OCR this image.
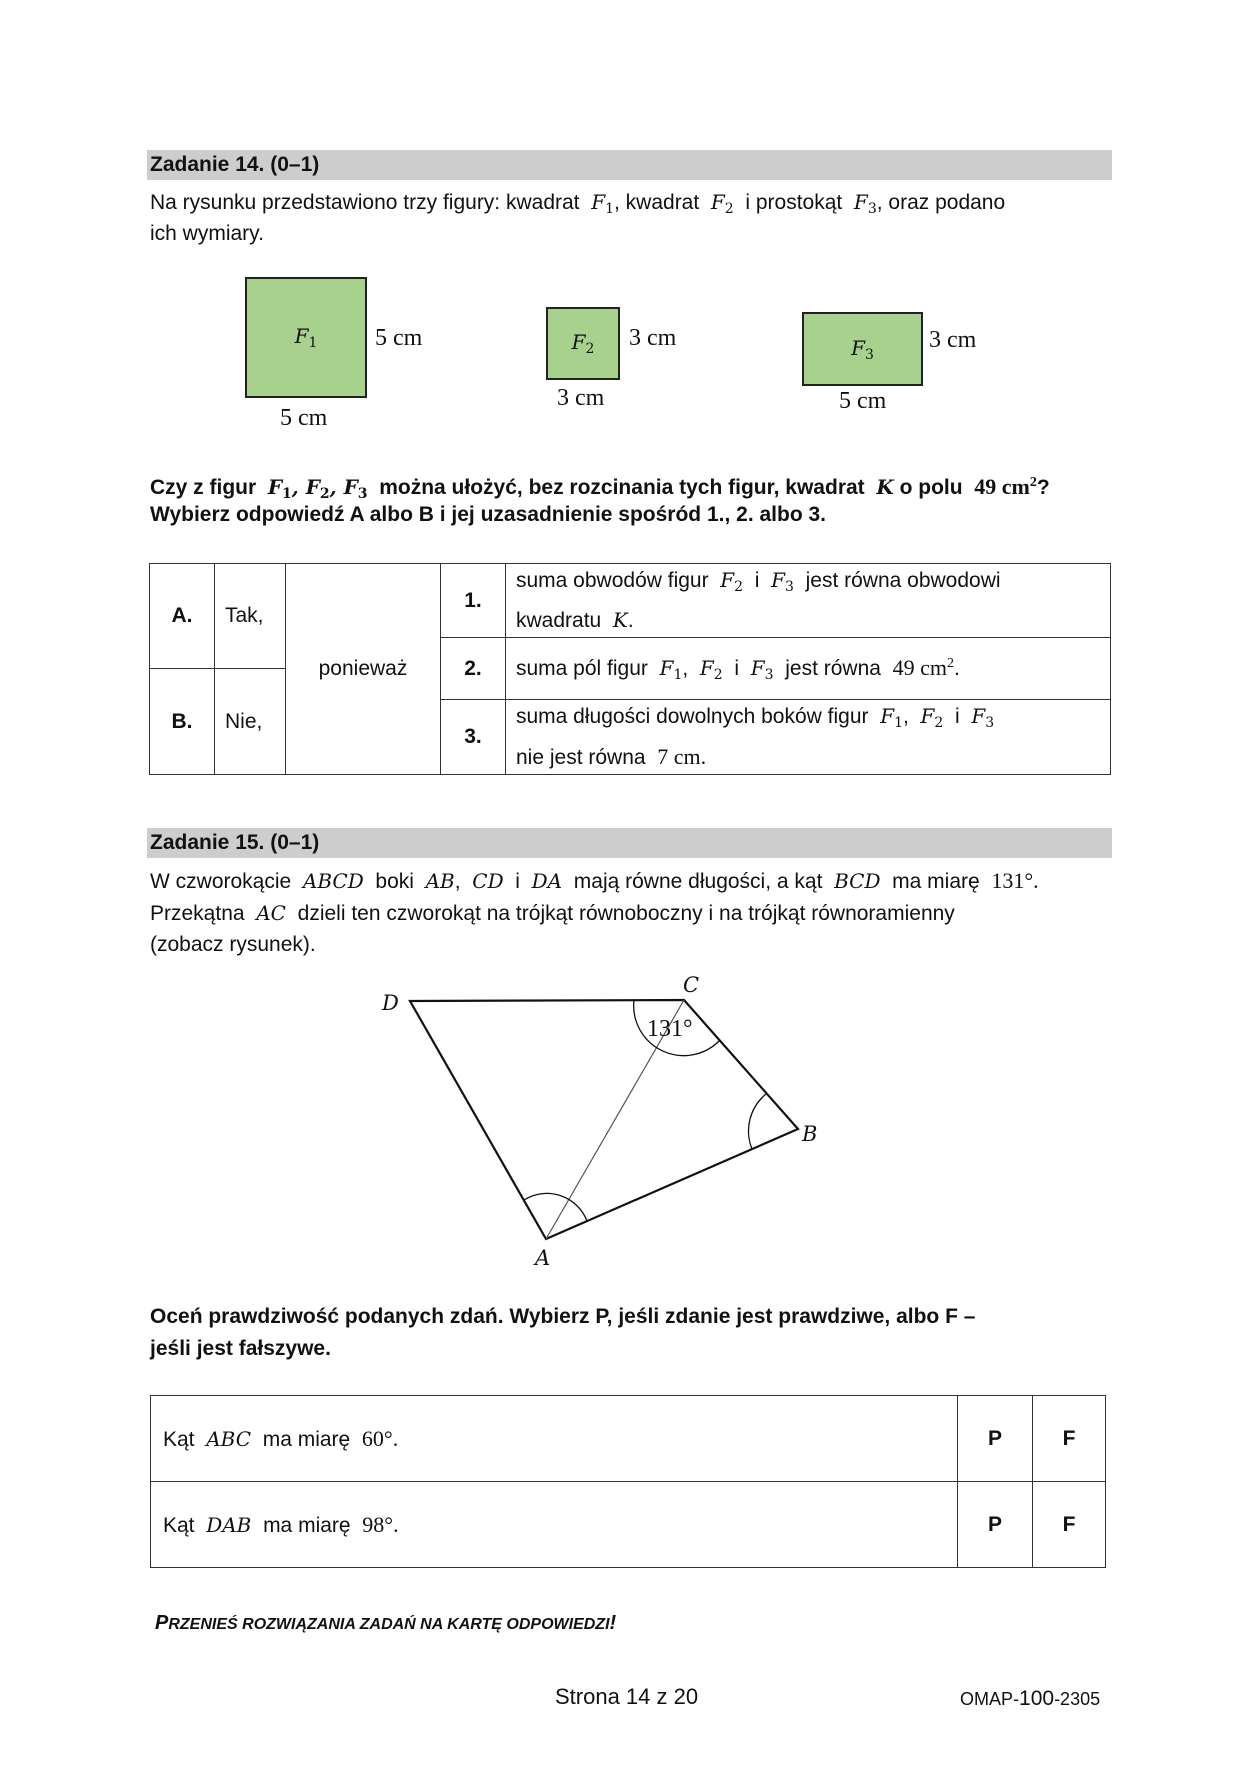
Zadanie 14. (0–1)
Na rysunku przedstawiono trzy figury: kwadrat $F_1$, kwadrat $F_2$ i prostokąt $F_3$, oraz podano
ich wymiary.
$F_1$ 5 cm
5 cm
$F_2$ 3 cm
3 cm
$F_3$
3 cm
5 cm
Czy z figur $F_1$, $F_2$, $F_3$ można ułożyć, bez rozcinania tych figur, kwadrat K o polu 49 $cm^2$?
Wybierz odpowiedź A albo B i jej uzasadnienie spośród 1., 2. albo 3.
A.	Tak,	ponieważ	1.	suma obwodów figur $F_2$ i $F_3$ jest równa obwodowi
kwadratu K.
			2.	suma pól figur $F_1$,  $F_2$ i $F_3$ jest równa 49 $cm^2$.
B.	Nie,			
			3.	suma długości dowolnych boków figur $F_1$,  $F_2$ i $F_3$
nie jest równa 7 cm.
Zadanie 15. (0–1)
W czworokącie ABCD boki AB, CD i DA mają równe długości, a kąt BCD ma miarę 131°.
Przekątna AC dzieli ten czworokąt na trójkąt równoboczny i na trójkąt równoramienny
(zobacz rysunek).
131°
D
C
B
A
Oceń prawdziwość podanych zdań. Wybierz P, jeśli zdanie jest prawdziwe, albo F –
jeśli jest fałszywe.
Kąt ABC ma miarę 60°.	P	F
Kąt DAB ma miarę 98°.	P	F
PRZENIEŚ ROZWIĄZANIA ZADAŃ NA KARTĘ ODPOWIEDZI!
Strona 14 z 20	OMAP-100-2305
